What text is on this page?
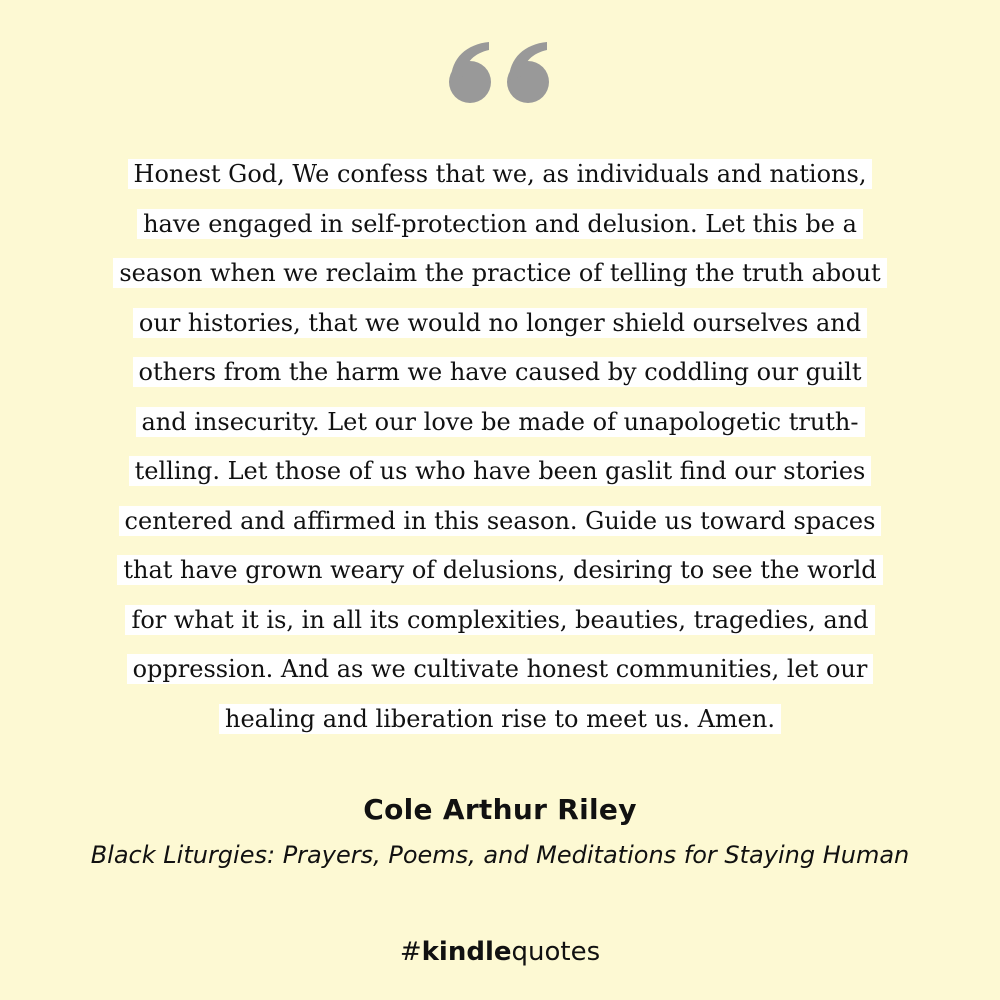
Honest God, We confess that we, as individuals and nations,
have engaged in self-protection and delusion. Let this be a
season when we reclaim the practice of telling the truth about
our histories, that we would no longer shield ourselves and
others from the harm we have caused by coddling our guilt
and insecurity. Let our love be made of unapologetic truth-
telling. Let those of us who have been gaslit find our stories
centered and affirmed in this season. Guide us toward spaces
that have grown weary of delusions, desiring to see the world
for what it is, in all its complexities, beauties, tragedies, and
oppression. And as we cultivate honest communities, let our
healing and liberation rise to meet us. Amen.
Cole Arthur Riley
Black Liturgies: Prayers, Poems, and Meditations for Staying Human
#kindlequotes
